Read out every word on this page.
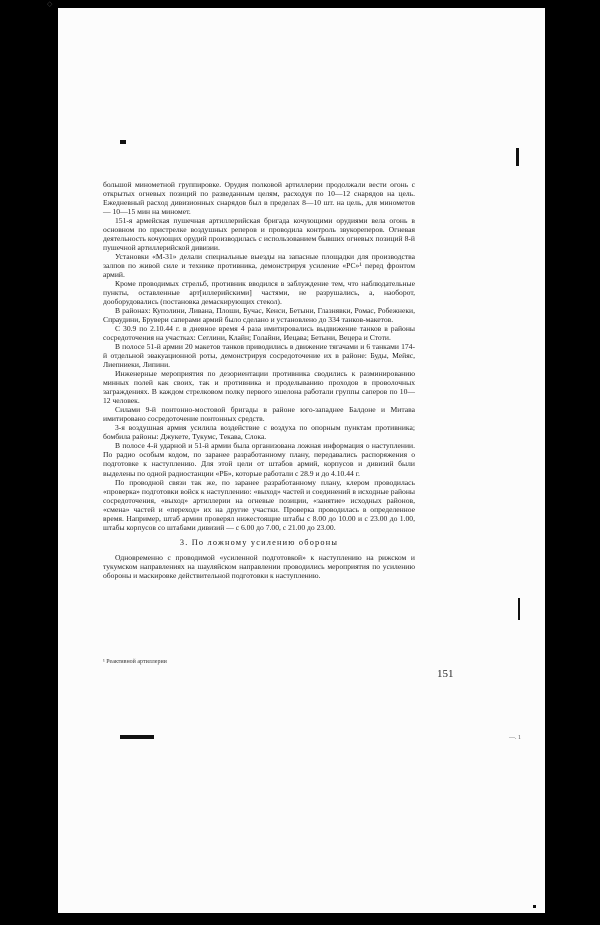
◇

большой минометной группировке. Орудия полковой артиллерии продолжали вести огонь с открытых огневых позиций по разведанным целям, расходуя по 10—12 снарядов на цель. Ежедневный расход дивизионных снарядов был в пределах 8—10 шт. на цель, для минометов — 10—15 мин на миномет.

151-я армейская пушечная артиллерийская бригада кочующими орудиями вела огонь в основном по пристрелке воздушных реперов и проводила контроль звукореперов. Огневая деятельность кочующих орудий производилась с использованием бывших огневых позиций 8-й пушечной артиллерийской дивизии.

Установки «М-31» делали специальные выезды на запасные площадки для производства залпов по живой силе и технике противника, демонстрируя усиление «РС»¹ перед фронтом армий.

Кроме проводимых стрельб, противник вводился в заблуждение тем, что наблюдательные пункты, оставленные арт[иллерийскими] частями, не разрушались, а, наоборот, дооборудовались (постановка демаскирующих стекол).

В районах: Куполини, Ливана, Плоши, Бучас, Кенси, Бетыни, Глазнявки, Ромас, Робежнеки, Спраудини, Брувери саперами армий было сделано и установлено до 334 танков-макетов.

С 30.9 по 2.10.44 г. в дневное время 4 раза имитировались выдвижение танков в районы сосредоточения на участках: Сеглини, Клайн; Голайни, Иецава; Бетыни, Вецера и Стоти.

В полосе 51-й армии 20 макетов танков приводились в движение тягачами и 6 танками 174-й отдельной эвакуационной роты, демонстрируя сосредоточение их в районе: Буды, Мейяс, Лиепниеки, Липини.

Инженерные мероприятия по дезориентации противника сводились к разминированию минных полей как своих, так и противника и проделыванию проходов в проволочных заграждениях. В каждом стрелковом полку первого эшелона работали группы саперов по 10—12 человек.

Силами 9-й понтонно-мостовой бригады в районе юго-западнее Балдоне и Митава имитировано сосредоточение понтонных средств.

3-я воздушная армия усилила воздействие с воздуха по опорным пунктам противника; бомбила районы: Джукете, Тукумс, Текава, Слока.

В полосе 4-й ударной и 51-й армии была организована ложная информация о наступлении. По радио особым кодом, по заранее разработанному плану, передавались распоряжения о подготовке к наступлению. Для этой цели от штабов армий, корпусов и дивизий были выделены по одной радиостанции «РБ», которые работали с 28.9 и до 4.10.44 г.

По проводной связи так же, по заранее разработанному плану, клером проводилась «проверка» подготовки войск к наступлению: «выход» частей и соединений в исходные районы сосредоточения, «выход» артиллерии на огневые позиции, «занятие» исходных районов, «смена» частей и «переход» их на другие участки. Проверка проводилась в определенное время. Например, штаб армии проверял нижестоящие штабы с 8.00 до 10.00 и с 23.00 до 1.00, штабы корпусов со штабами дивизий — с 6.00 до 7.00, с 21.00 до 23.00.

3. По ложному усилению обороны

Одновременно с проводимой «усиленной подготовкой» к наступлению на рижском и тукумском направлениях на шауляйском направлении проводились мероприятия по усилению обороны и маскировке действительной подготовки к наступлению.

¹ Реактивной артиллерии
151
—. 1
